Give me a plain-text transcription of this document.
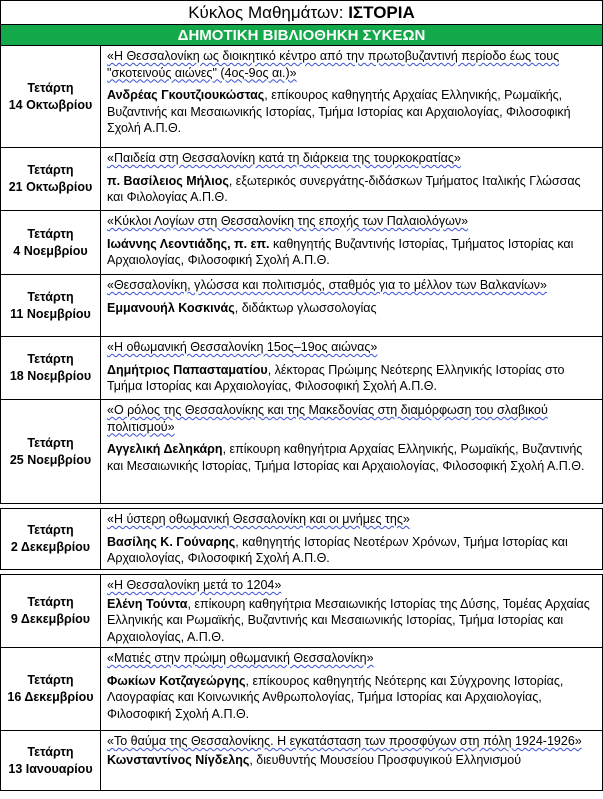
Κύκλος Μαθημάτων: ΙΣΤΟΡΙΑ
ΔΗΜΟΤΙΚΗ ΒΙΒΛΙΟΘΗΚΗ ΣΥΚΕΩΝ
Τετάρτη
14 Οκτωβρίου
«Η Θεσσαλονίκη ως διοικητικό κέντρο από την πρωτοβυζαντινή περίοδο έως τους "σκοτεινούς αιώνες" (4ος-9ος αι.)»
Ανδρέας Γκουτζιουκώστας, επίκουρος καθηγητής Αρχαίας Ελληνικής, Ρωμαϊκής, Βυζαντινής και Μεσαιωνικής Ιστορίας, Τμήμα Ιστορίας και Αρχαιολογίας, Φιλοσοφική Σχολή Α.Π.Θ.
Τετάρτη
21 Οκτωβρίου
«Παιδεία στη Θεσσαλονίκη κατά τη διάρκεια της τουρκοκρατίας»
π. Βασίλειος Μήλιος, εξωτερικός συνεργάτης-διδάσκων Τμήματος Ιταλικής Γλώσσας και Φιλολογίας Α.Π.Θ.
Τετάρτη
4 Νοεμβρίου
«Κύκλοι Λογίων στη Θεσσαλονίκη της εποχής των Παλαιολόγων»
Ιωάννης Λεοντιάδης, π. επ. καθηγητής Βυζαντινής Ιστορίας, Τμήματος Ιστορίας και Αρχαιολογίας, Φιλοσοφική Σχολή Α.Π.Θ.
Τετάρτη
11 Νοεμβρίου
«Θεσσαλονίκη, γλώσσα και πολιτισμός, σταθμός για το μέλλον των Βαλκανίων»
Εμμανουήλ Κοσκινάς, διδάκτωρ γλωσσολογίας
Τετάρτη
18 Νοεμβρίου
«Η οθωμανική Θεσσαλονίκη 15ος–19ος αιώνας»
Δημήτριος Παπασταματίου, λέκτορας Πρώιμης Νεότερης Ελληνικής Ιστορίας στο Τμήμα Ιστορίας και Αρχαιολογίας, Φιλοσοφική Σχολή Α.Π.Θ.
Τετάρτη
25 Νοεμβρίου
«Ο ρόλος της Θεσσαλονίκης και της Μακεδονίας στη διαμόρφωση του σλαβικού πολιτισμού»
Αγγελική Δεληκάρη, επίκουρη καθηγήτρια Αρχαίας Ελληνικής, Ρωμαϊκής, Βυζαντινής και Μεσαιωνικής Ιστορίας, Τμήμα Ιστορίας και Αρχαιολογίας, Φιλοσοφική Σχολή Α.Π.Θ.
Τετάρτη
2 Δεκεμβρίου
«Η ύστερη οθωμανική Θεσσαλονίκη και οι μνήμες της»
Βασίλης Κ. Γούναρης, καθηγητής Ιστορίας Νεοτέρων Χρόνων, Τμήμα Ιστορίας και Αρχαιολογίας, Φιλοσοφική Σχολή Α.Π.Θ.
Τετάρτη
9 Δεκεμβρίου
«Η Θεσσαλονίκη μετά το 1204»
Ελένη Τούντα, επίκουρη καθηγήτρια Μεσαιωνικής Ιστορίας της Δύσης, Τομέας Αρχαίας Ελληνικής και Ρωμαϊκής, Βυζαντινής και Μεσαιωνικής Ιστορίας, Τμήμα Ιστορίας και Αρχαιολογίας, Α.Π.Θ.
Τετάρτη
16 Δεκεμβρίου
«Ματιές στην πρώιμη οθωμανική Θεσσαλονίκη»
Φωκίων Κοτζαγεώργης, επίκουρος καθηγητής Νεότερης και Σύγχρονης Ιστορίας, Λαογραφίας και Κοινωνικής Ανθρωπολογίας, Τμήμα Ιστορίας και Αρχαιολογίας, Φιλοσοφική Σχολή Α.Π.Θ.
Τετάρτη
13 Ιανουαρίου
«Το θαύμα της Θεσσαλονίκης. Η εγκατάσταση των προσφύγων στη πόλη 1924-1926»
Κωνσταντίνος Νίγδελης, διευθυντής Μουσείου Προσφυγικού Ελληνισμού
